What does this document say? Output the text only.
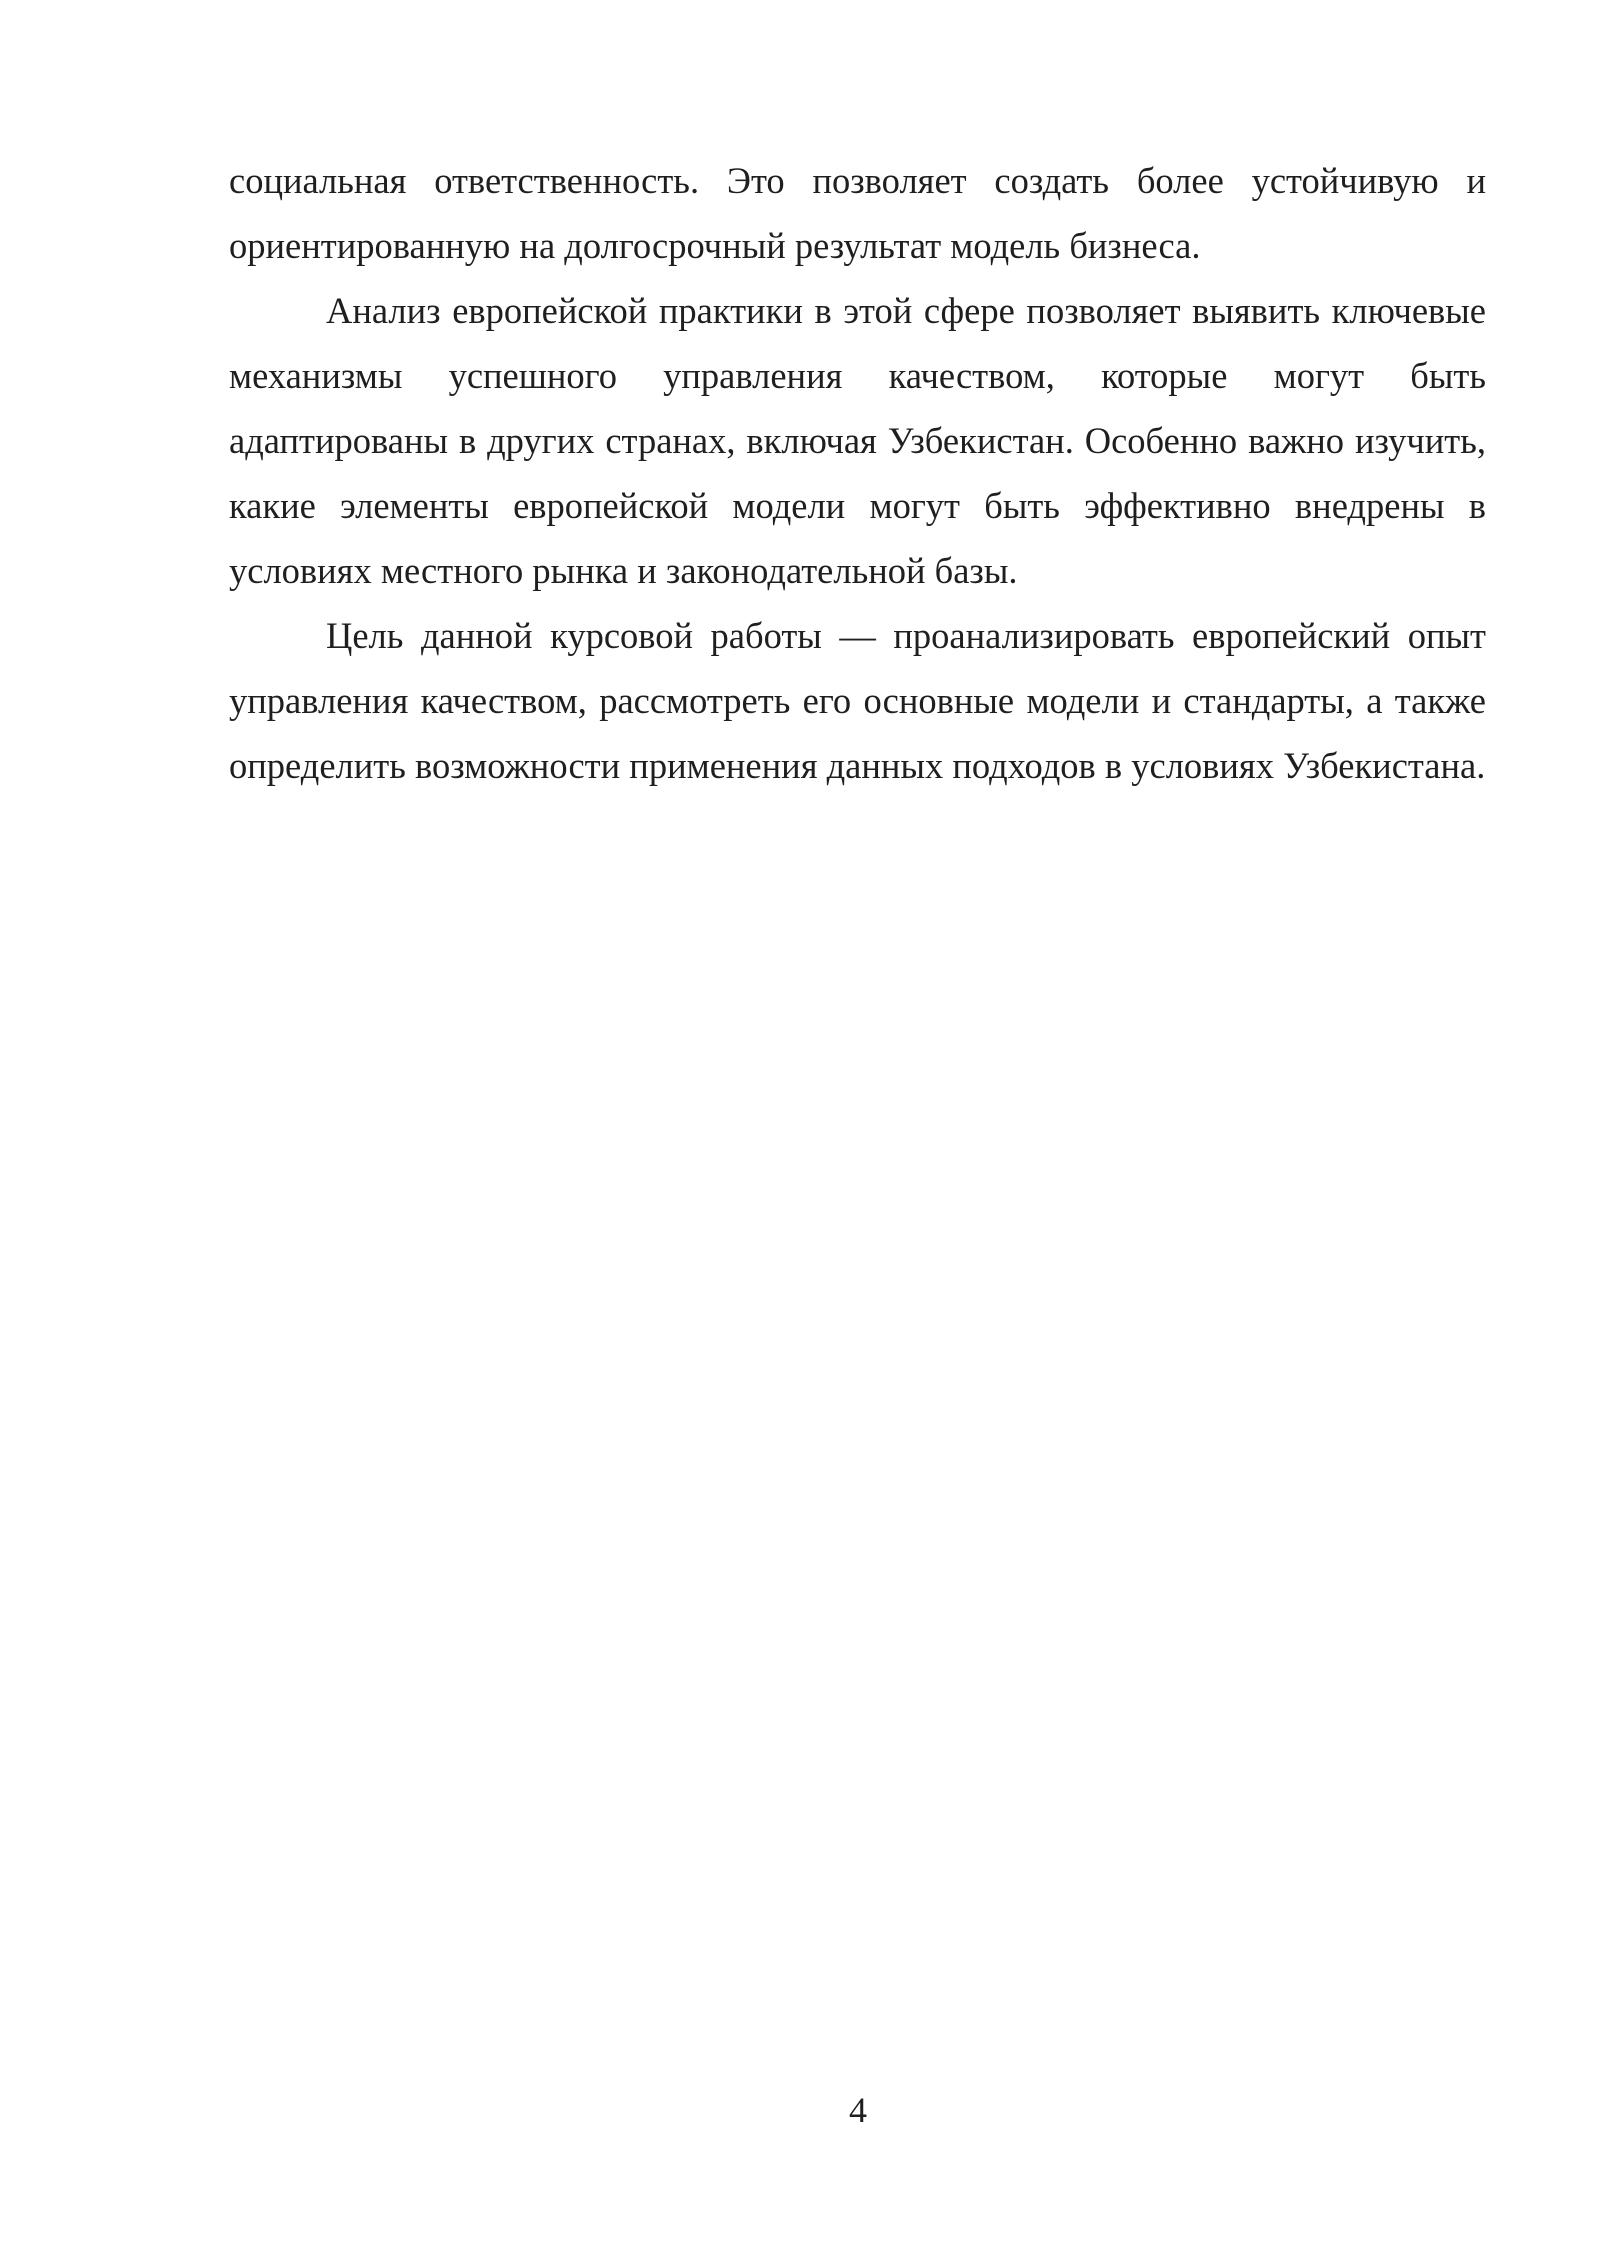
социальная ответственность. Это позволяет создать более устойчивую и ориентированную на долгосрочный результат модель бизнеса.

Анализ европейской практики в этой сфере позволяет выявить ключевые механизмы успешного управления качеством, которые могут быть адаптированы в других странах, включая Узбекистан. Особенно важно изучить, какие элементы европейской модели могут быть эффективно внедрены в условиях местного рынка и законодательной базы.

Цель данной курсовой работы — проанализировать европейский опыт управления качеством, рассмотреть его основные модели и стандарты, а также определить возможности применения данных подходов в условиях Узбекистана.

4
